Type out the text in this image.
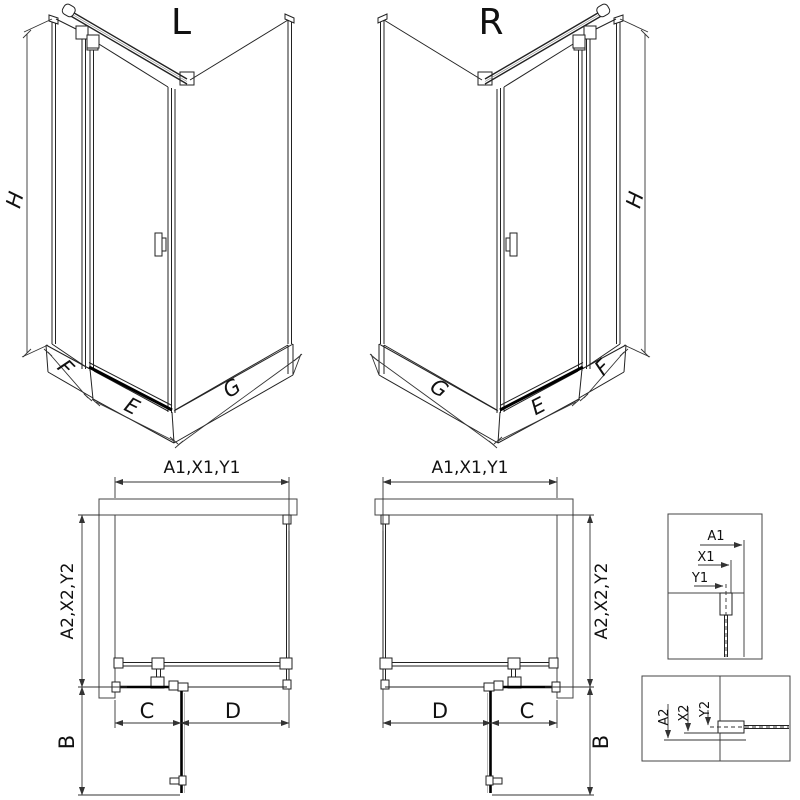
L	R
H
F
E
G
H
F
E
G
A1,X1,Y1
A2,X2,Y2
B
C	D
A1,X1,Y1
A2,X2,Y2
B
D	C
A1
X1
Y1
A2 X2 Y2
